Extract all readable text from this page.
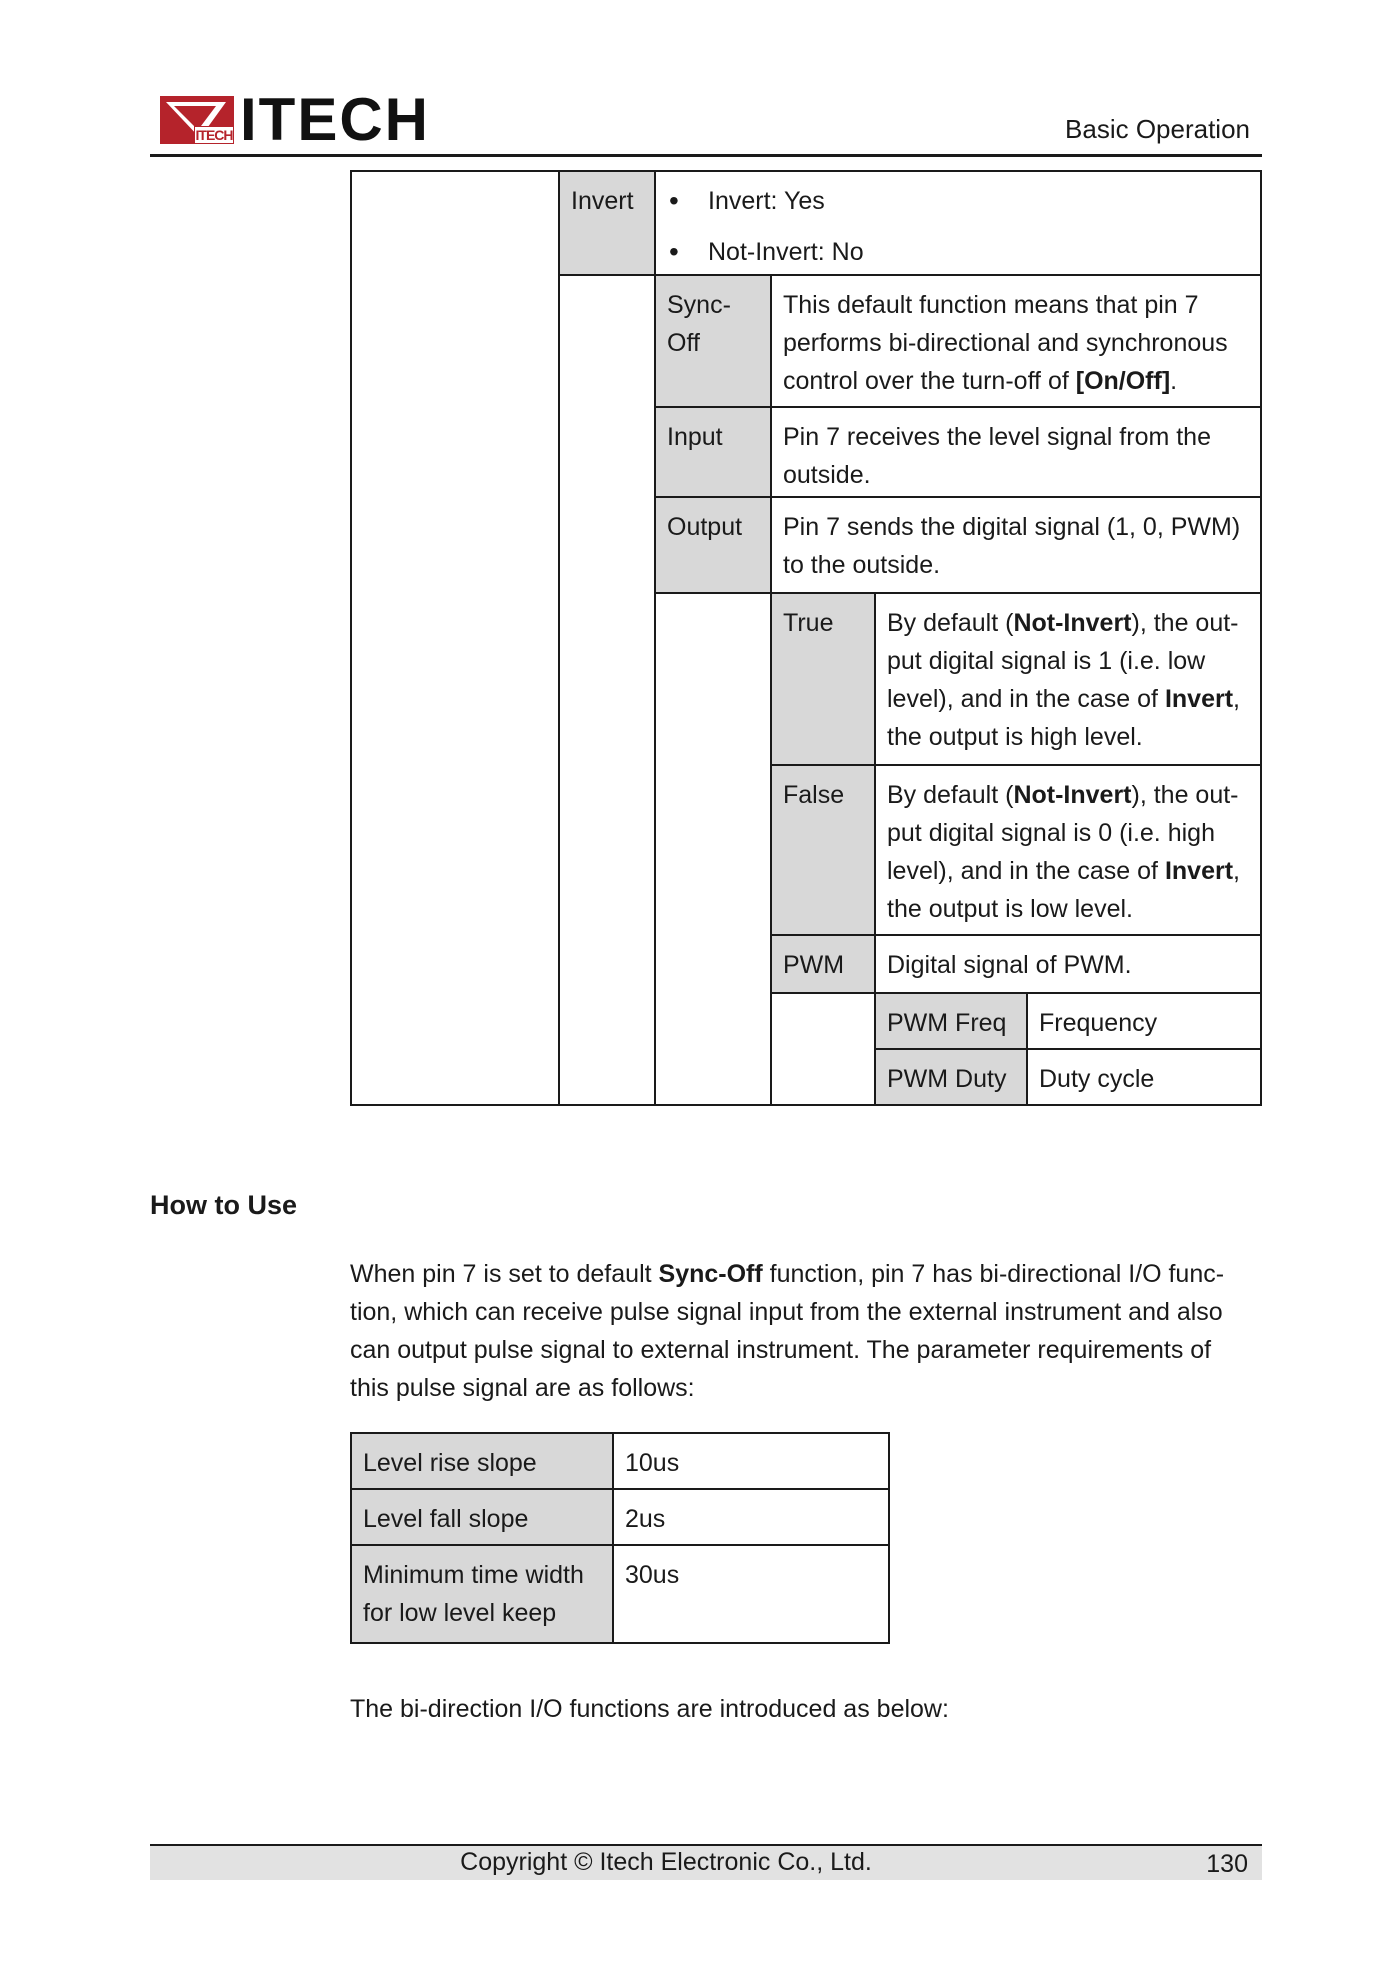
ITECH ITECH	Basic Operation
Invert
•	Invert: Yes
• Not-Invert: No
Sync-
Off
This default function means that pin 7 performs bi-directional and synchronous control over the turn-off of [On/Off].
Input	Pin 7 receives the level signal from the outside.
Output	Pin 7 sends the digital signal (1, 0, PWM) to the outside.
True	By default (Not-Invert), the out-put digital signal is 1 (i.e. low level), and in the case of Invert, the output is high level.
False	By default (Not-Invert), the out-put digital signal is 0 (i.e. high level), and in the case of Invert, the output is low level.
PWM	Digital signal of PWM.
PWM Freq	Frequency
PWM Duty	Duty cycle
How to Use
When pin 7 is set to default Sync-Off function, pin 7 has bi-directional I/O func-tion, which can receive pulse signal input from the external instrument and also can output pulse signal to external instrument. The parameter requirements of this pulse signal are as follows:
Level rise slope	10us
Level fall slope	2us
Minimum time width for low level keep
30us
The bi-direction I/O functions are introduced as below:
Copyright © Itech Electronic Co., Ltd.	130
